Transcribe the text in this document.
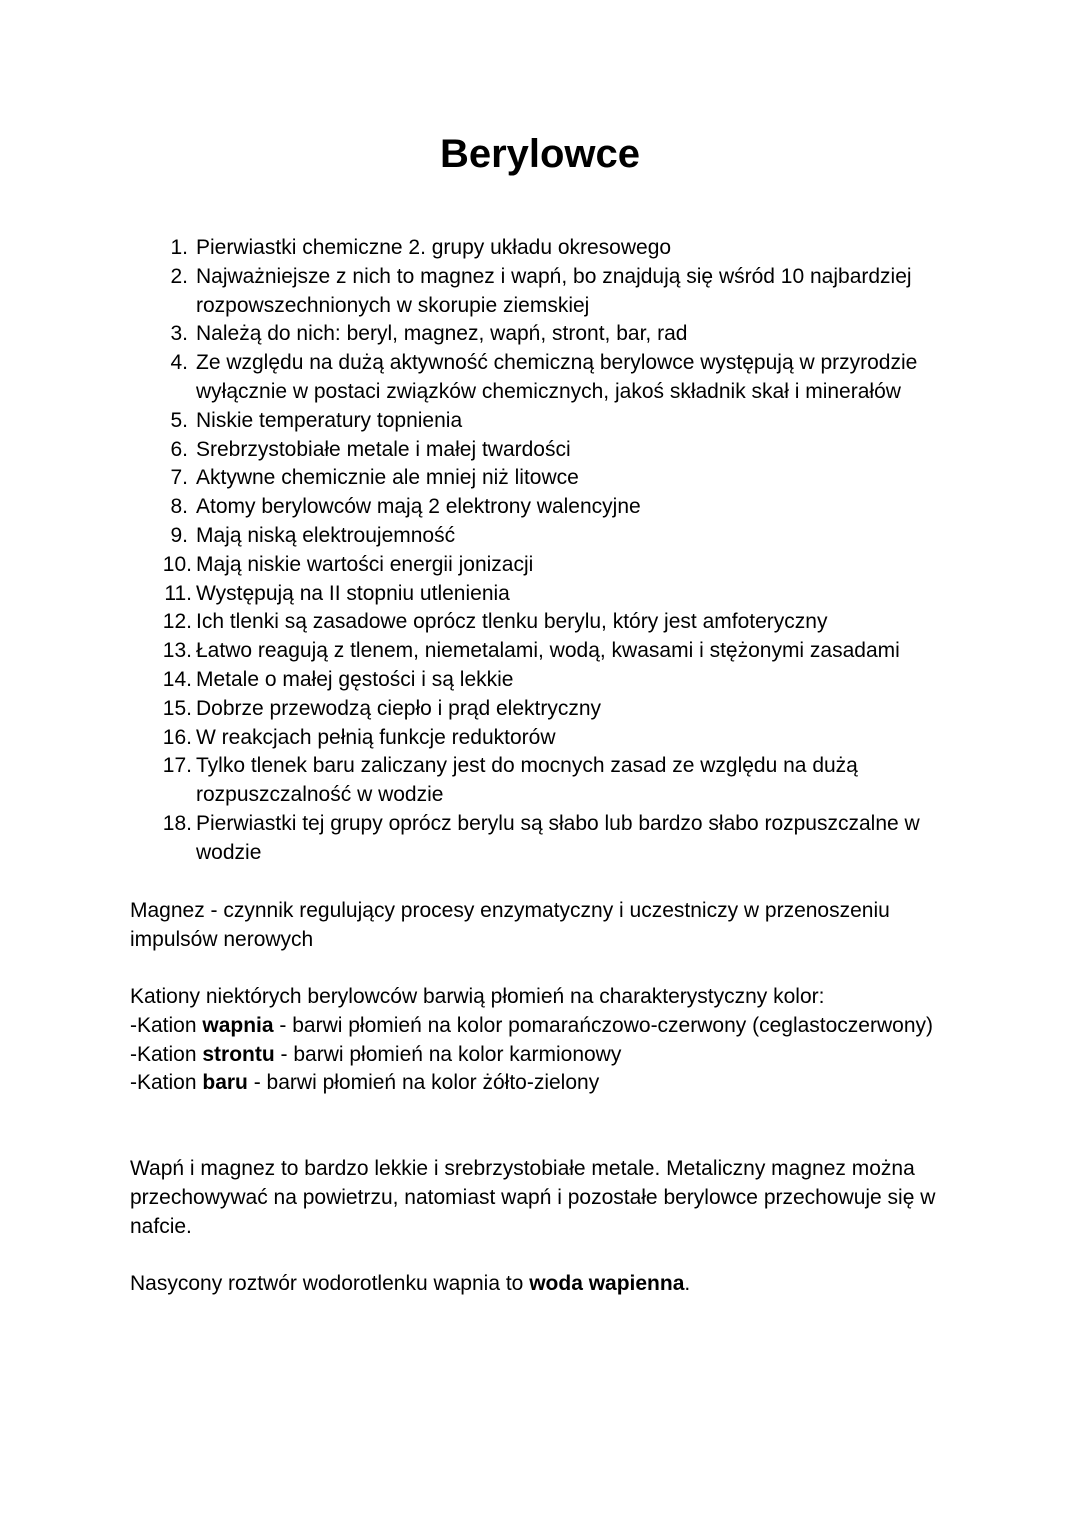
Berylowce
1. Pierwiastki chemiczne 2. grupy układu okresowego
2. Najważniejsze z nich to magnez i wapń, bo znajdują się wśród 10 najbardziej rozpowszechnionych w skorupie ziemskiej
3. Należą do nich: beryl, magnez, wapń, stront, bar, rad
4. Ze względu na dużą aktywność chemiczną berylowce występują w przyrodzie wyłącznie w postaci związków chemicznych, jakoś składnik skał i minerałów
5. Niskie temperatury topnienia
6. Srebrzystobiałe metale i małej twardości
7. Aktywne chemicznie ale mniej niż litowce
8. Atomy berylowców mają 2 elektrony walencyjne
9. Mają niską elektroujemność
10. Mają niskie wartości energii jonizacji
11. Występują na II stopniu utlenienia
12. Ich tlenki są zasadowe oprócz tlenku berylu, który jest amfoteryczny
13. Łatwo reagują z tlenem, niemetalami, wodą, kwasami i stężonymi zasadami
14. Metale o małej gęstości i są lekkie
15. Dobrze przewodzą ciepło i prąd elektryczny
16. W reakcjach pełnią funkcje reduktorów
17. Tylko tlenek baru zaliczany jest do mocnych zasad ze względu na dużą rozpuszczalność w wodzie
18. Pierwiastki tej grupy oprócz berylu są słabo lub bardzo słabo rozpuszczalne w wodzie

Magnez - czynnik regulujący procesy enzymatyczny i uczestniczy w przenoszeniu impulsów nerowych

Kationy niektórych berylowców barwią płomień na charakterystyczny kolor:
-Kation wapnia - barwi płomień na kolor pomarańczowo-czerwony (ceglastoczerwony)
-Kation strontu - barwi płomień na kolor karmionowy
-Kation baru - barwi płomień na kolor żółto-zielony

Wapń i magnez to bardzo lekkie i srebrzystobiałe metale. Metaliczny magnez można przechowywać na powietrzu, natomiast wapń i pozostałe berylowce przechowuje się w nafcie.

Nasycony roztwór wodorotlenku wapnia to woda wapienna.
